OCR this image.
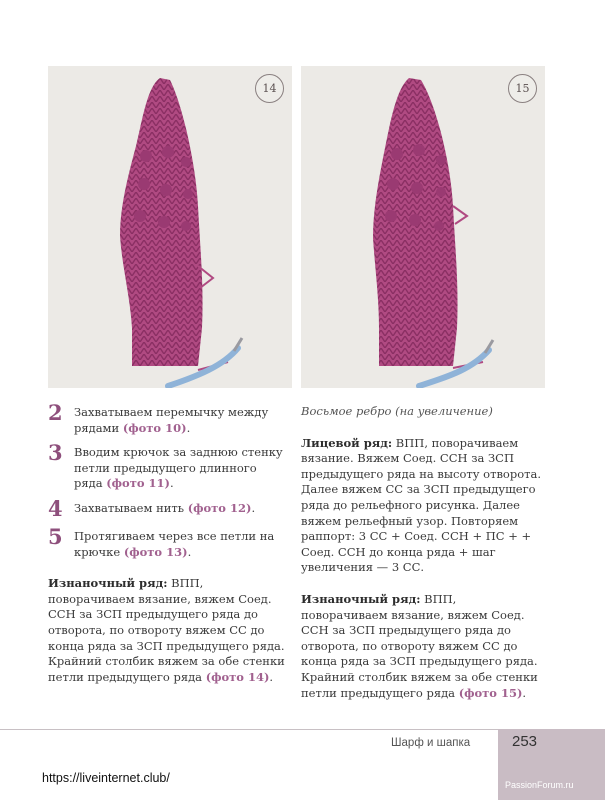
14	15
2 Захватываем перемычку между рядами (фото 10).
3 Вводим крючок за заднюю стенку петли предыдущего длинного ряда (фото 11).
4 Захватываем нить (фото 12).
5 Протягиваем через все петли на крючке (фото 13).

Изнаночный ряд: ВПП, поворачиваем вязание, вяжем Соед. ССН за ЗСП предыдущего ряда до отворота, по отвороту вяжем СС до конца ряда за ЗСП предыдущего ряда. Крайний столбик вяжем за обе стенки петли предыдущего ряда (фото 14).

Восьмое ребро (на увеличение)

Лицевой ряд: ВПП, поворачиваем вязание. Вяжем Соед. ССН за ЗСП предыдущего ряда на высоту отворота. Далее вяжем СС за ЗСП предыдущего ряда до рельефного рисунка. Далее вяжем рельефный узор. Повторяем раппорт: 3 СС + Соед. ССН + ПС + + Соед. ССН до конца ряда + шаг увеличения — 3 СС.

Изнаночный ряд: ВПП, поворачиваем вязание, вяжем Соед. ССН за ЗСП предыдущего ряда до отворота, по отвороту вяжем СС до конца ряда за ЗСП предыдущего ряда. Крайний столбик вяжем за обе стенки петли предыдущего ряда (фото 15).

Шарф и шапка	253
https://liveinternet.club/	PassionForum.ru
